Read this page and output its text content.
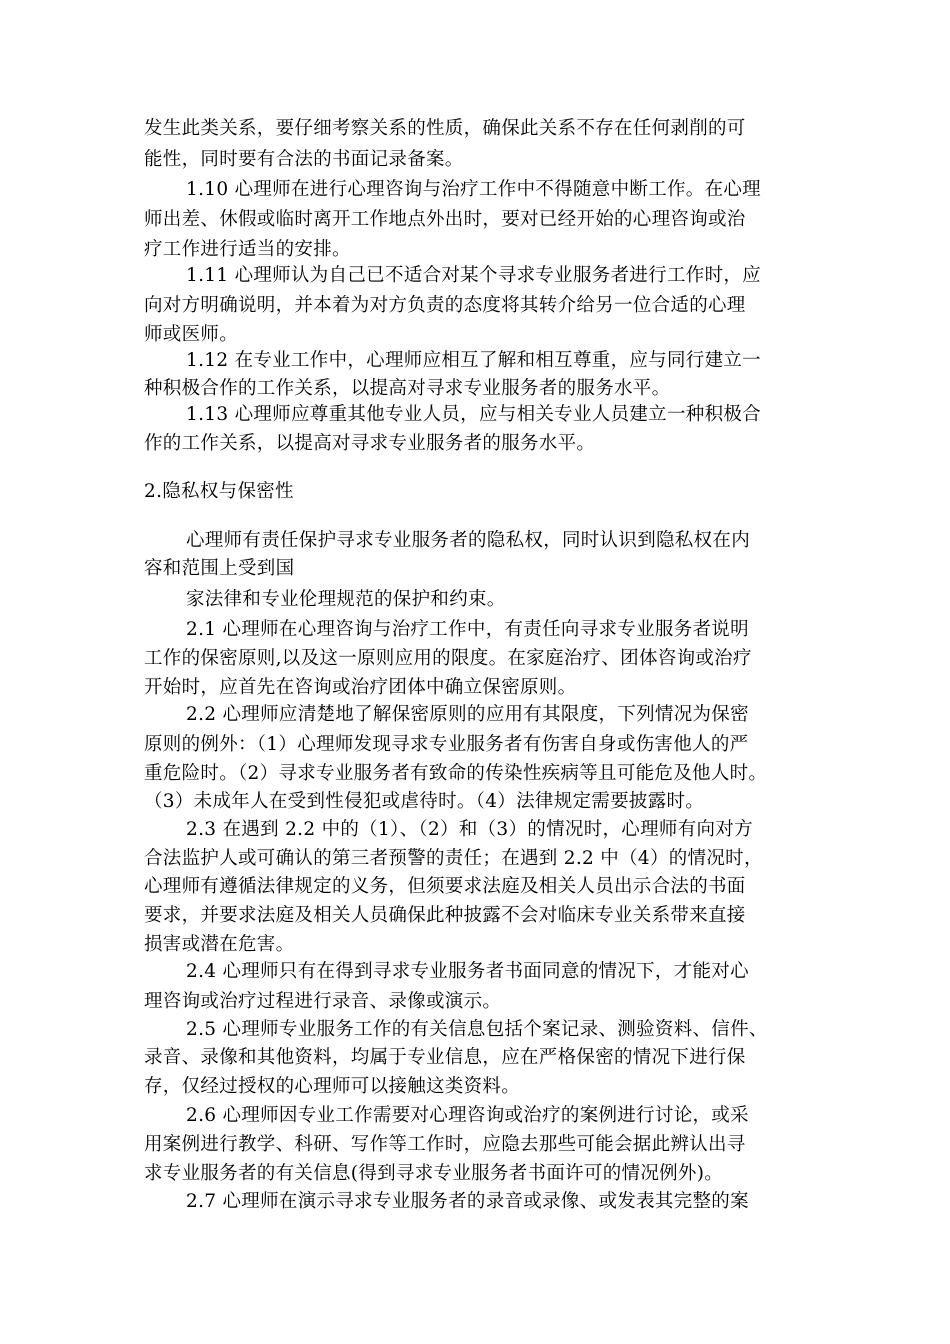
发生此类关系，要仔细考察关系的性质，确保此关系不存在任何剥削的可
能性，同时要有合法的书面记录备案。
1.10 心理师在进行心理咨询与治疗工作中不得随意中断工作。在心理
师出差、休假或临时离开工作地点外出时，要对已经开始的心理咨询或治
疗工作进行适当的安排。
1.11 心理师认为自己已不适合对某个寻求专业服务者进行工作时，应
向对方明确说明，并本着为对方负责的态度将其转介给另一位合适的心理
师或医师。
1.12 在专业工作中，心理师应相互了解和相互尊重，应与同行建立一
种积极合作的工作关系，以提高对寻求专业服务者的服务水平。
1.13 心理师应尊重其他专业人员，应与相关专业人员建立一种积极合
作的工作关系，以提高对寻求专业服务者的服务水平。
2.隐私权与保密性
心理师有责任保护寻求专业服务者的隐私权，同时认识到隐私权在内
容和范围上受到国
家法律和专业伦理规范的保护和约束。
2.1 心理师在心理咨询与治疗工作中，有责任向寻求专业服务者说明
工作的保密原则,以及这一原则应用的限度。在家庭治疗、团体咨询或治疗
开始时，应首先在咨询或治疗团体中确立保密原则。
2.2 心理师应清楚地了解保密原则的应用有其限度，下列情况为保密
原则的例外：（1）心理师发现寻求专业服务者有伤害自身或伤害他人的严
重危险时。（2）寻求专业服务者有致命的传染性疾病等且可能危及他人时。
（3）未成年人在受到性侵犯或虐待时。（4）法律规定需要披露时。
2.3 在遇到 2.2 中的（1）、（2）和（3）的情况时，心理师有向对方
合法监护人或可确认的第三者预警的责任；在遇到 2.2 中（4）的情况时，
心理师有遵循法律规定的义务，但须要求法庭及相关人员出示合法的书面
要求，并要求法庭及相关人员确保此种披露不会对临床专业关系带来直接
损害或潜在危害。
2.4 心理师只有在得到寻求专业服务者书面同意的情况下，才能对心
理咨询或治疗过程进行录音、录像或演示。
2.5 心理师专业服务工作的有关信息包括个案记录、测验资料、信件、
录音、录像和其他资料，均属于专业信息，应在严格保密的情况下进行保
存，仅经过授权的心理师可以接触这类资料。
2.6 心理师因专业工作需要对心理咨询或治疗的案例进行讨论，或采
用案例进行教学、科研、写作等工作时，应隐去那些可能会据此辨认出寻
求专业服务者的有关信息(得到寻求专业服务者书面许可的情况例外)。
2.7 心理师在演示寻求专业服务者的录音或录像、或发表其完整的案
